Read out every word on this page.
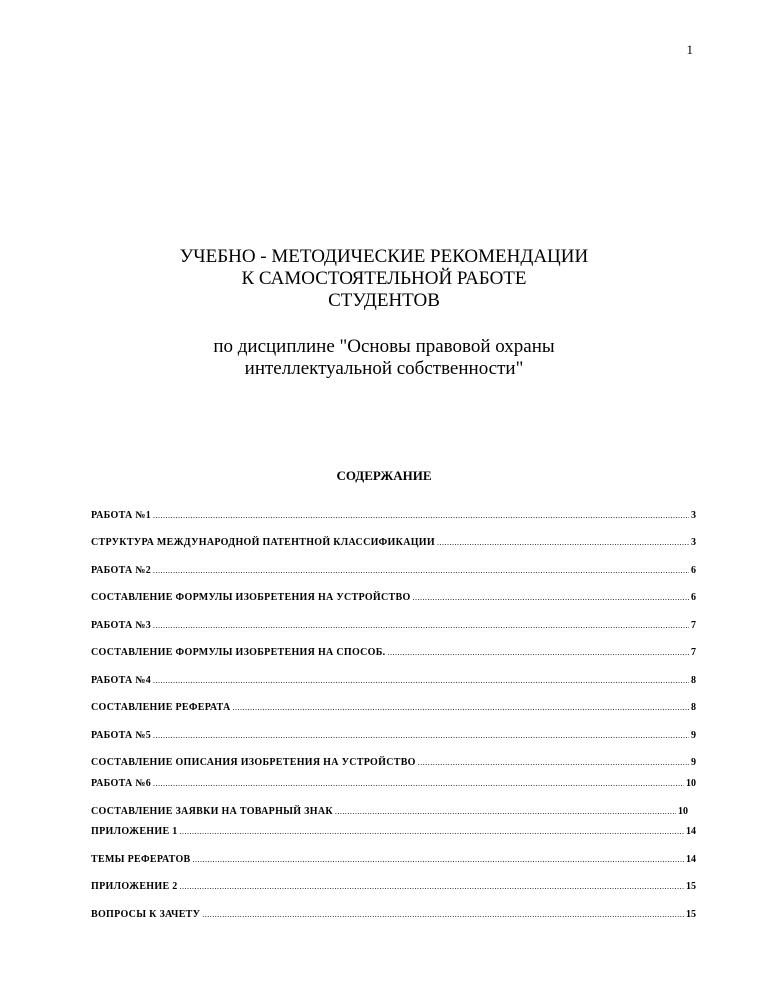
1
УЧЕБНО - МЕТОДИЧЕСКИЕ РЕКОМЕНДАЦИИ
К САМОСТОЯТЕЛЬНОЙ РАБОТЕ
СТУДЕНТОВ
по дисциплине "Основы правовой охраны
интеллектуальной собственности"
СОДЕРЖАНИЕ
РАБОТА №1 .....	3
СТРУКТУРА МЕЖДУНАРОДНОЙ ПАТЕНТНОЙ КЛАССИФИКАЦИИ .....	3
РАБОТА №2 .....	6
СОСТАВЛЕНИЕ ФОРМУЛЫ ИЗОБРЕТЕНИЯ НА УСТРОЙСТВО .....	6
РАБОТА №3 .....	7
СОСТАВЛЕНИЕ ФОРМУЛЫ ИЗОБРЕТЕНИЯ НА СПОСОБ. .....	7
РАБОТА №4 .....	8
СОСТАВЛЕНИЕ РЕФЕРАТА .....	8
РАБОТА №5 .....	9
СОСТАВЛЕНИЕ ОПИСАНИЯ ИЗОБРЕТЕНИЯ НА УСТРОЙСТВО .....	9
РАБОТА №6 .....	10
СОСТАВЛЕНИЕ ЗАЯВКИ НА ТОВАРНЫЙ ЗНАК .....	10
ПРИЛОЖЕНИЕ 1 .....	14
ТЕМЫ РЕФЕРАТОВ .....	14
ПРИЛОЖЕНИЕ 2 .....	15
ВОПРОСЫ К ЗАЧЕТУ .....	15
